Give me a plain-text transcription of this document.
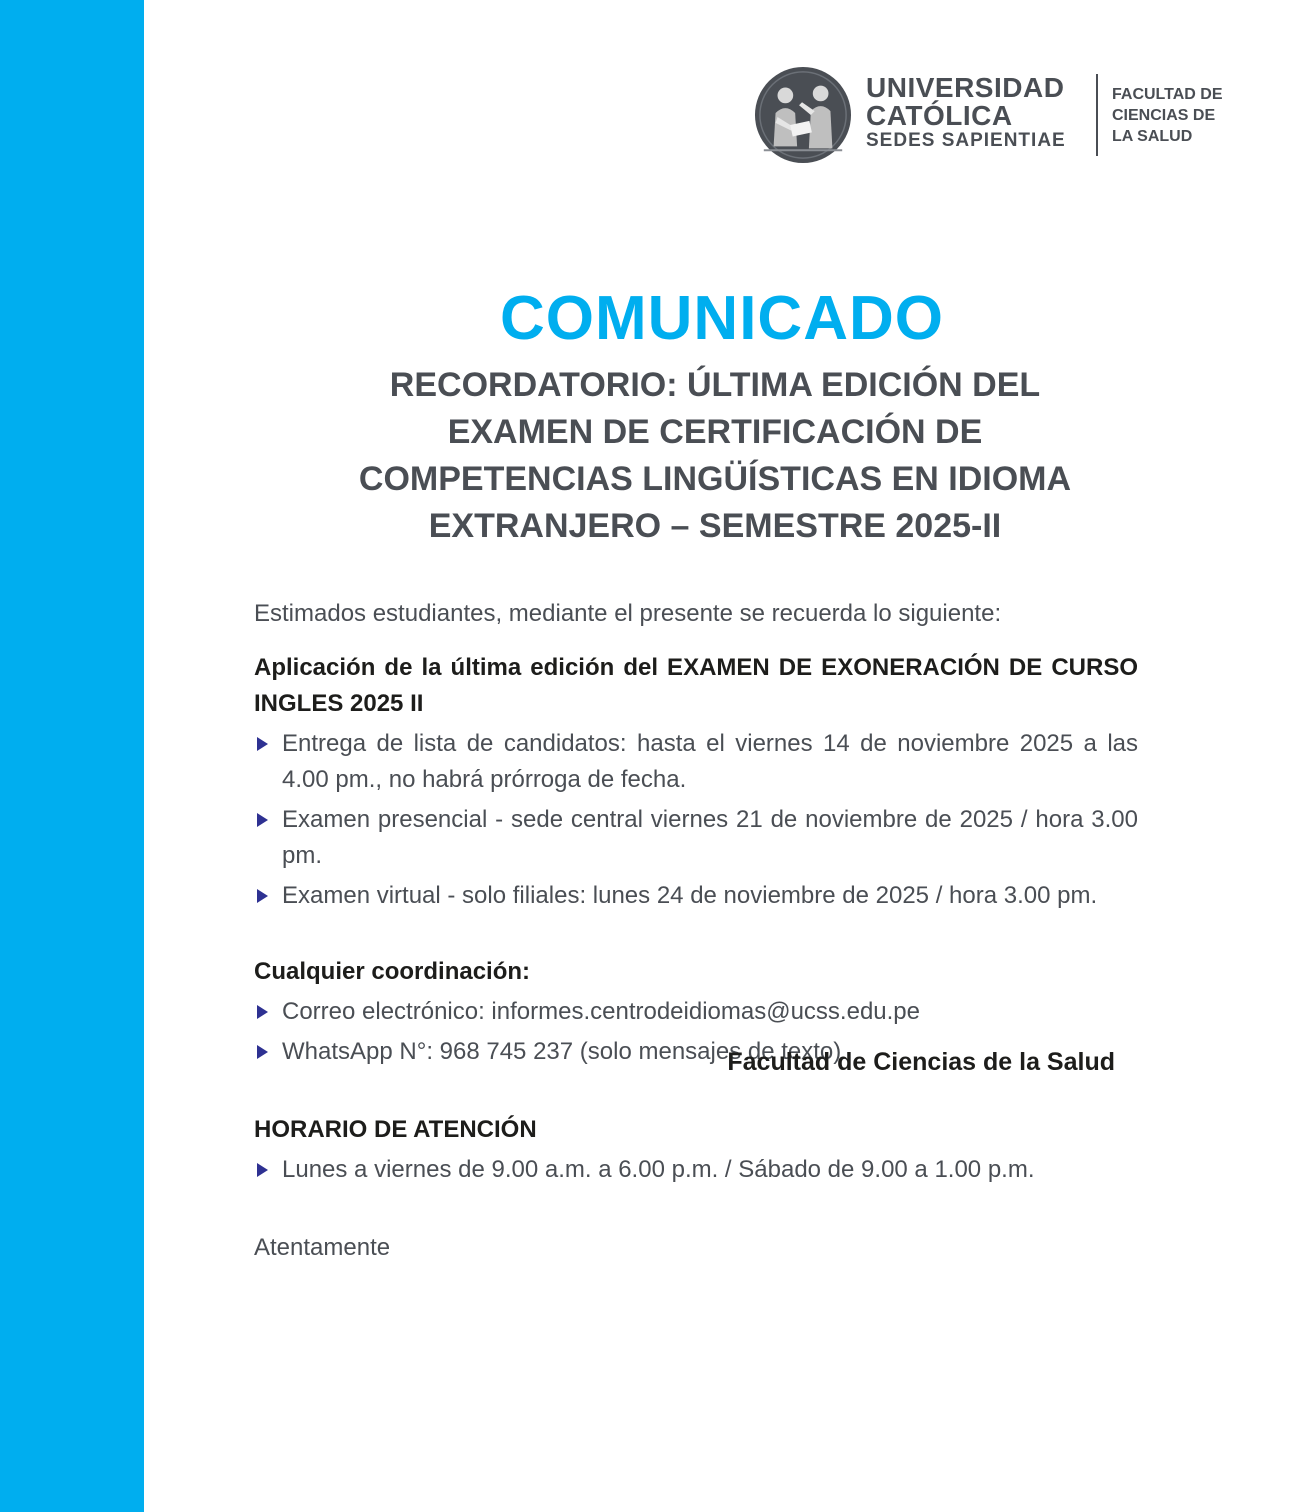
UNIVERSIDAD
CATÓLICA
SEDES SAPIENTIAE
FACULTAD DE
CIENCIAS DE
LA SALUD
COMUNICADO
RECORDATORIO: ÚLTIMA EDICIÓN DEL
EXAMEN DE CERTIFICACIÓN DE
COMPETENCIAS LINGÜÍSTICAS EN IDIOMA
EXTRANJERO – SEMESTRE 2025-II

Estimados estudiantes, mediante el presente se recuerda lo siguiente:

Aplicación de la última edición del EXAMEN DE EXONERACIÓN DE CURSO INGLES 2025 II

Entrega de lista de candidatos: hasta el viernes 14 de noviembre 2025 a las 4.00 pm., no habrá prórroga de fecha.
Examen presencial - sede central viernes 21 de noviembre de 2025 / hora 3.00 pm.
Examen virtual - solo filiales: lunes 24 de noviembre de 2025 / hora 3.00 pm.

Cualquier coordinación:

Correo electrónico: informes.centrodeidiomas@ucss.edu.pe
WhatsApp N°: 968 745 237 (solo mensajes de texto)

HORARIO DE ATENCIÓN

Lunes a viernes de 9.00 a.m. a 6.00 p.m. / Sábado de 9.00 a 1.00 p.m.

Atentamente

Facultad de Ciencias de la Salud
